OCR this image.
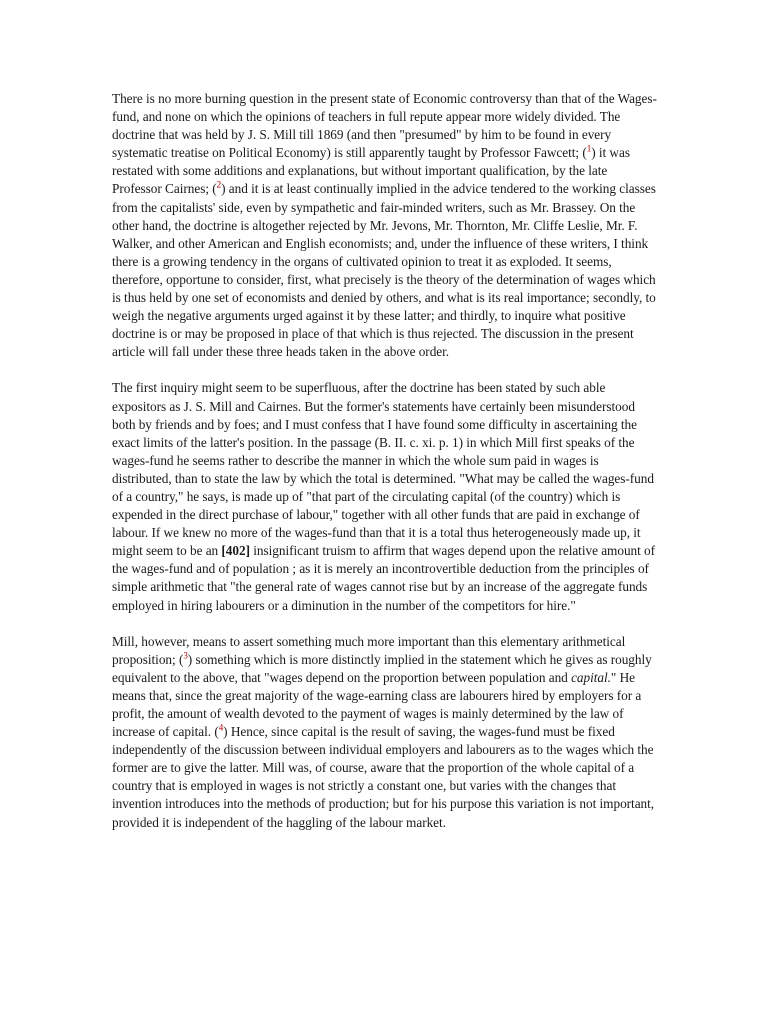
There is no more burning question in the present state of Economic controversy than that of the Wages-fund, and none on which the opinions of teachers in full repute appear more widely divided. The doctrine that was held by J. S. Mill till 1869 (and then "presumed" by him to be found in every systematic treatise on Political Economy) is still apparently taught by Professor Fawcett; ($^1$) it was restated with some additions and explanations, but without important qualification, by the late Professor Cairnes; ($^2$) and it is at least continually implied in the advice tendered to the working classes from the capitalists' side, even by sympathetic and fair-minded writers, such as Mr. Brassey. On the other hand, the doctrine is altogether rejected by Mr. Jevons, Mr. Thornton, Mr. Cliffe Leslie, Mr. F. Walker, and other American and English economists; and, under the influence of these writers, I think there is a growing tendency in the organs of cultivated opinion to treat it as exploded. It seems, therefore, opportune to consider, first, what precisely is the theory of the determination of wages which is thus held by one set of economists and denied by others, and what is its real importance; secondly, to weigh the negative arguments urged against it by these latter; and thirdly, to inquire what positive doctrine is or may be proposed in place of that which is thus rejected. The discussion in the present article will fall under these three heads taken in the above order.

The first inquiry might seem to be superfluous, after the doctrine has been stated by such able expositors as J. S. Mill and Cairnes. But the former's statements have certainly been misunderstood both by friends and by foes; and I must confess that I have found some difficulty in ascertaining the exact limits of the latter's position. In the passage (B. II. c. xi. p. 1) in which Mill first speaks of the wages-fund he seems rather to describe the manner in which the whole sum paid in wages is distributed, than to state the law by which the total is determined. "What may be called the wages-fund of a country," he says, is made up of "that part of the circulating capital (of the country) which is expended in the direct purchase of labour," together with all other funds that are paid in exchange of labour. If we knew no more of the wages-fund than that it is a total thus heterogeneously made up, it might seem to be an [402] insignificant truism to affirm that wages depend upon the relative amount of the wages-fund and of population ; as it is merely an incontrovertible deduction from the principles of simple arithmetic that "the general rate of wages cannot rise but by an increase of the aggregate funds employed in hiring labourers or a diminution in the number of the competitors for hire."

Mill, however, means to assert something much more important than this elementary arithmetical proposition; ($^3$) something which is more distinctly implied in the statement which he gives as roughly equivalent to the above, that "wages depend on the proportion between population and capital." He means that, since the great majority of the wage-earning class are labourers hired by employers for a profit, the amount of wealth devoted to the payment of wages is mainly determined by the law of increase of capital. ($^4$) Hence, since capital is the result of saving, the wages-fund must be fixed independently of the discussion between individual employers and labourers as to the wages which the former are to give the latter. Mill was, of course, aware that the proportion of the whole capital of a country that is employed in wages is not strictly a constant one, but varies with the changes that invention introduces into the methods of production; but for his purpose this variation is not important, provided it is independent of the haggling of the labour market.
